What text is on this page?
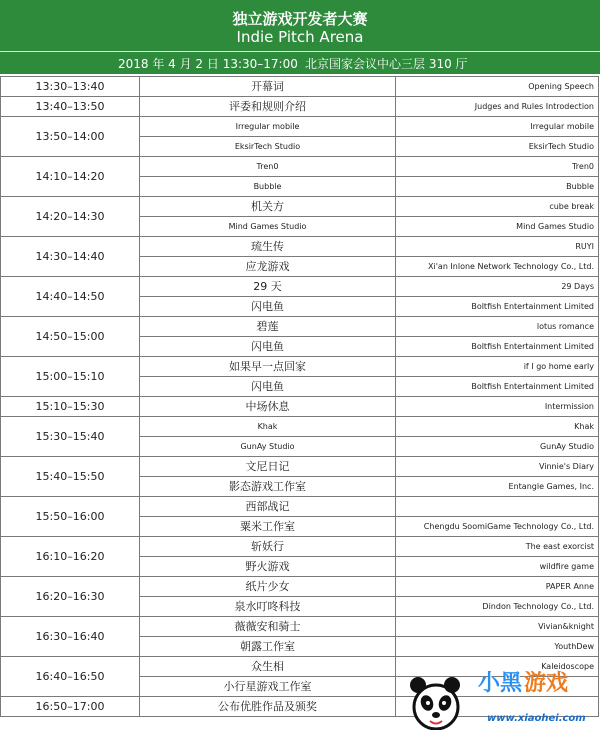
独立游戏开发者大赛
Indie Pitch Arena
2018 年 4 月 2 日 13:30–17:00 北京国家会议中心三层 310 厅
13:30–13:40	开幕词	Opening Speech
13:40–13:50	评委和规则介绍	Judges and Rules Introdection
13:50–14:00	Irregular mobile	Irregular mobile
	EksirTech Studio	EksirTech Studio
14:10–14:20	Tren0	Tren0
	Bubble	Bubble
14:20–14:30	机关方	cube break
	Mind Games Studio	Mind Games Studio
14:30–14:40	琉生传	RUYI
	应龙游戏	Xi'an Inlone Network Technology Co., Ltd.
14:40–14:50	29 天	29 Days
	闪电鱼	Boltfish Entertainment Limited
14:50–15:00	碧莲	lotus romance
	闪电鱼	Boltfish Entertainment Limited
15:00–15:10	如果早一点回家	if I go home early
	闪电鱼	Boltfish Entertainment Limited
15:10–15:30	中场休息	Intermission
15:30–15:40	Khak	Khak
	GunAy Studio	GunAy Studio
15:40–15:50	文尼日记	Vinnie's Diary
	影态游戏工作室	Entangle Games, Inc.
15:50–16:00	西部战记	
	粟米工作室	Chengdu SoomiGame Technology Co., Ltd.
16:10–16:20	斩妖行	The east exorcist
	野火游戏	wildfire game
16:20–16:30	纸片少女	PAPER Anne
	泉水叮咚科技	Dindon Technology Co., Ltd.
16:30–16:40	薇薇安和骑士	Vivian&knight
	朝露工作室	YouthDew
16:40–16:50	众生相	Kaleidoscope
	小行星游戏工作室	
16:50–17:00	公布优胜作品及颁奖	
小黑 游戏
www.xiaohei.com
